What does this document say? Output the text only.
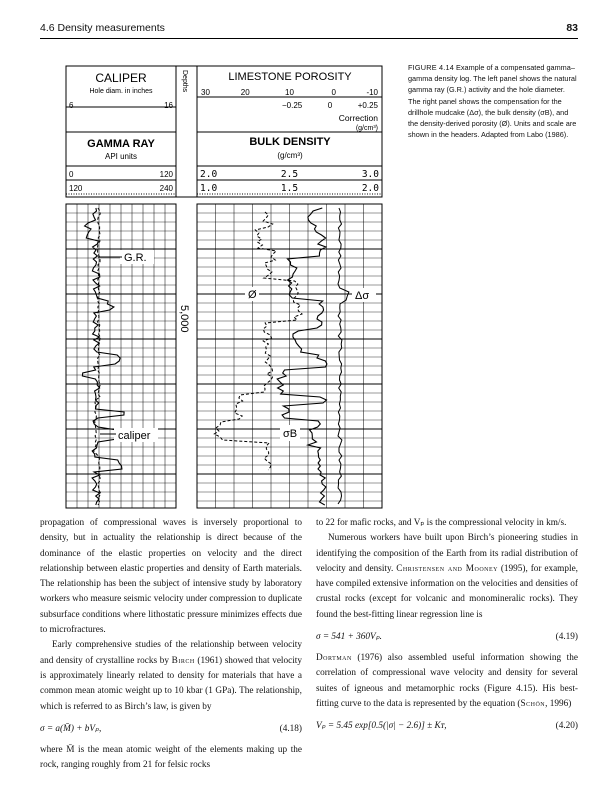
4.6 Density measurements	83
CALIPER
Hole diam. in inches
6	16
GAMMA RAY
API units
0	120
120	240
Depths	LIMESTONE POROSITY
30	20	10	0	-10
−0.25	0	+0.25
Correction
(g/cm³)
BULK DENSITY
(g/cm³)
2.0	2.5	3.0
1.0	1.5	2.0
G.R.
caliper
Ø	Δσ
σB
5,000
FIGURE 4.14 Example of a compensated gamma–gamma density log. The left panel shows the natural gamma ray (G.R.) activity and the hole diameter. The right panel shows the compensation for the drillhole mudcake (Δσ), the bulk density (σB), and the density-derived porosity (Ø). Units and scale are shown in the headers. Adapted from Labo (1986).

propagation of compressional waves is inversely proportional to density, but in actuality the relationship is direct because of the dominance of the elastic properties on velocity and the direct relationship between elastic properties and density of Earth materials. The relationship has been the subject of intensive study by laboratory workers who measure seismic velocity under compression to duplicate subsurface conditions where lithostatic pressure minimizes effects due to microfractures.

Early comprehensive studies of the relationship between velocity and density of crystalline rocks by Birch (1961) showed that velocity is approximately linearly related to density for materials that have a common mean atomic weight up to 10 kbar (1 GPa). The relationship, which is referred to as Birch’s law, is given by

σ = a(M̄) + bVₚ,	(4.18)

where M̄ is the mean atomic weight of the elements making up the rock, ranging roughly from 21 for felsic rocks

to 22 for mafic rocks, and Vₚ is the compressional velocity in km/s.

Numerous workers have built upon Birch’s pioneering studies in identifying the composition of the Earth from its radial distribution of velocity and density. Christensen and Mooney (1995), for example, have compiled extensive information on the velocities and densities of crustal rocks (except for volcanic and monomineralic rocks). They found the best-fitting linear regression line is

σ = 541 + 360Vₚ.	(4.19)

Dortman (1976) also assembled useful information showing the correlation of compressional wave velocity and density for several suites of igneous and metamorphic rocks (Figure 4.15). His best-fitting curve to the data is represented by the equation (Schön, 1996)

Vₚ = 5.45 exp[0.5(|σ| − 2.6)] ± Kᴛ,	(4.20)
